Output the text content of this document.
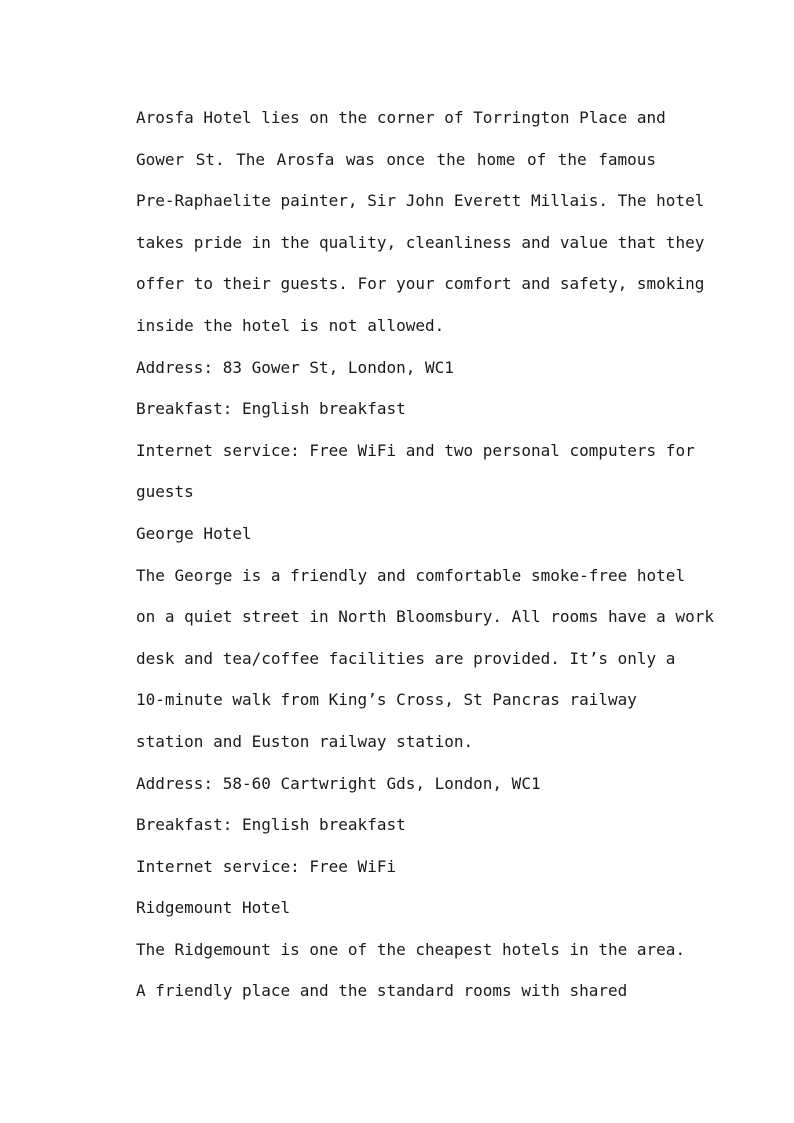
Arosfa Hotel lies on the corner of Torrington Place and
Gower St. The Arosfa was once the home of the famous
Pre-Raphaelite painter, Sir John Everett Millais. The hotel
takes pride in the quality, cleanliness and value that they
offer to their guests. For your comfort and safety, smoking
inside the hotel is not allowed.
Address: 83 Gower St, London, WC1
Breakfast: English breakfast
Internet service: Free WiFi and two personal computers for
guests
George Hotel
The George is a friendly and comfortable smoke-free hotel
on a quiet street in North Bloomsbury. All rooms have a work
desk and tea/coffee facilities are provided. It’s only a
10-minute walk from King’s Cross, St Pancras railway
station and Euston railway station.
Address: 58-60 Cartwright Gds, London, WC1
Breakfast: English breakfast
Internet service: Free WiFi
Ridgemount Hotel
The Ridgemount is one of the cheapest hotels in the area.
A friendly place and the standard rooms with shared
